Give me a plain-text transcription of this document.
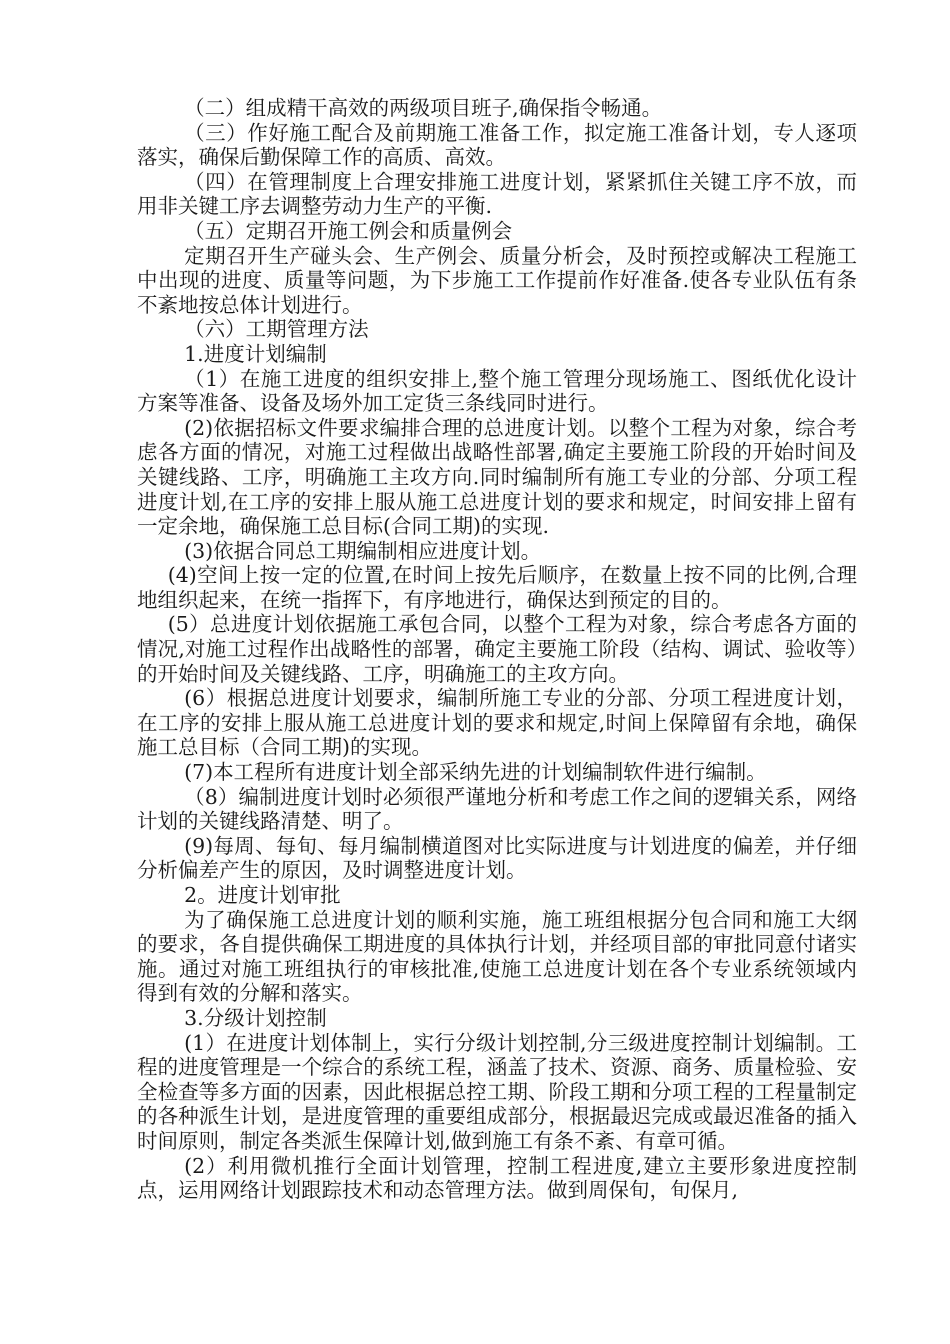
（二）组成精干高效的两级项目班子,确保指令畅通。

（三）作好施工配合及前期施工准备工作，拟定施工准备计划，专人逐项落实，确保后勤保障工作的高质、高效。

（四）在管理制度上合理安排施工进度计划，紧紧抓住关键工序不放，而用非关键工序去调整劳动力生产的平衡.

（五）定期召开施工例会和质量例会

定期召开生产碰头会、生产例会、质量分析会，及时预控或解决工程施工中出现的进度、质量等问题，为下步施工工作提前作好准备.使各专业队伍有条不紊地按总体计划进行。

（六）工期管理方法

1.进度计划编制

（1）在施工进度的组织安排上,整个施工管理分现场施工、图纸优化设计方案等准备、设备及场外加工定货三条线同时进行。

(2)依据招标文件要求编排合理的总进度计划。以整个工程为对象，综合考虑各方面的情况，对施工过程做出战略性部署,确定主要施工阶段的开始时间及关键线路、工序，明确施工主攻方向.同时编制所有施工专业的分部、分项工程进度计划,在工序的安排上服从施工总进度计划的要求和规定，时间安排上留有一定余地，确保施工总目标(合同工期)的实现.

(3)依据合同总工期编制相应进度计划。

(4)空间上按一定的位置,在时间上按先后顺序，在数量上按不同的比例,合理地组织起来，在统一指挥下，有序地进行，确保达到预定的目的。

(5）总进度计划依据施工承包合同，以整个工程为对象，综合考虑各方面的情况,对施工过程作出战略性的部署，确定主要施工阶段（结构、调试、验收等）的开始时间及关键线路、工序，明确施工的主攻方向。

(6）根据总进度计划要求，编制所施工专业的分部、分项工程进度计划，在工序的安排上服从施工总进度计划的要求和规定,时间上保障留有余地，确保施工总目标（合同工期)的实现。

(7)本工程所有进度计划全部采纳先进的计划编制软件进行编制。

（8）编制进度计划时必须很严谨地分析和考虑工作之间的逻辑关系，网络计划的关键线路清楚、明了。

(9)每周、每旬、每月编制横道图对比实际进度与计划进度的偏差，并仔细分析偏差产生的原因，及时调整进度计划。

2。进度计划审批

为了确保施工总进度计划的顺利实施，施工班组根据分包合同和施工大纲的要求，各自提供确保工期进度的具体执行计划，并经项目部的审批同意付诸实施。通过对施工班组执行的审核批准,使施工总进度计划在各个专业系统领域内得到有效的分解和落实。

3.分级计划控制

(1）在进度计划体制上，实行分级计划控制,分三级进度控制计划编制。工程的进度管理是一个综合的系统工程，涵盖了技术、资源、商务、质量检验、安全检查等多方面的因素，因此根据总控工期、阶段工期和分项工程的工程量制定的各种派生计划，是进度管理的重要组成部分，根据最迟完成或最迟准备的插入时间原则，制定各类派生保障计划,做到施工有条不紊、有章可循。

(2）利用微机推行全面计划管理，控制工程进度,建立主要形象进度控制点，运用网络计划跟踪技术和动态管理方法。做到周保旬，旬保月,
